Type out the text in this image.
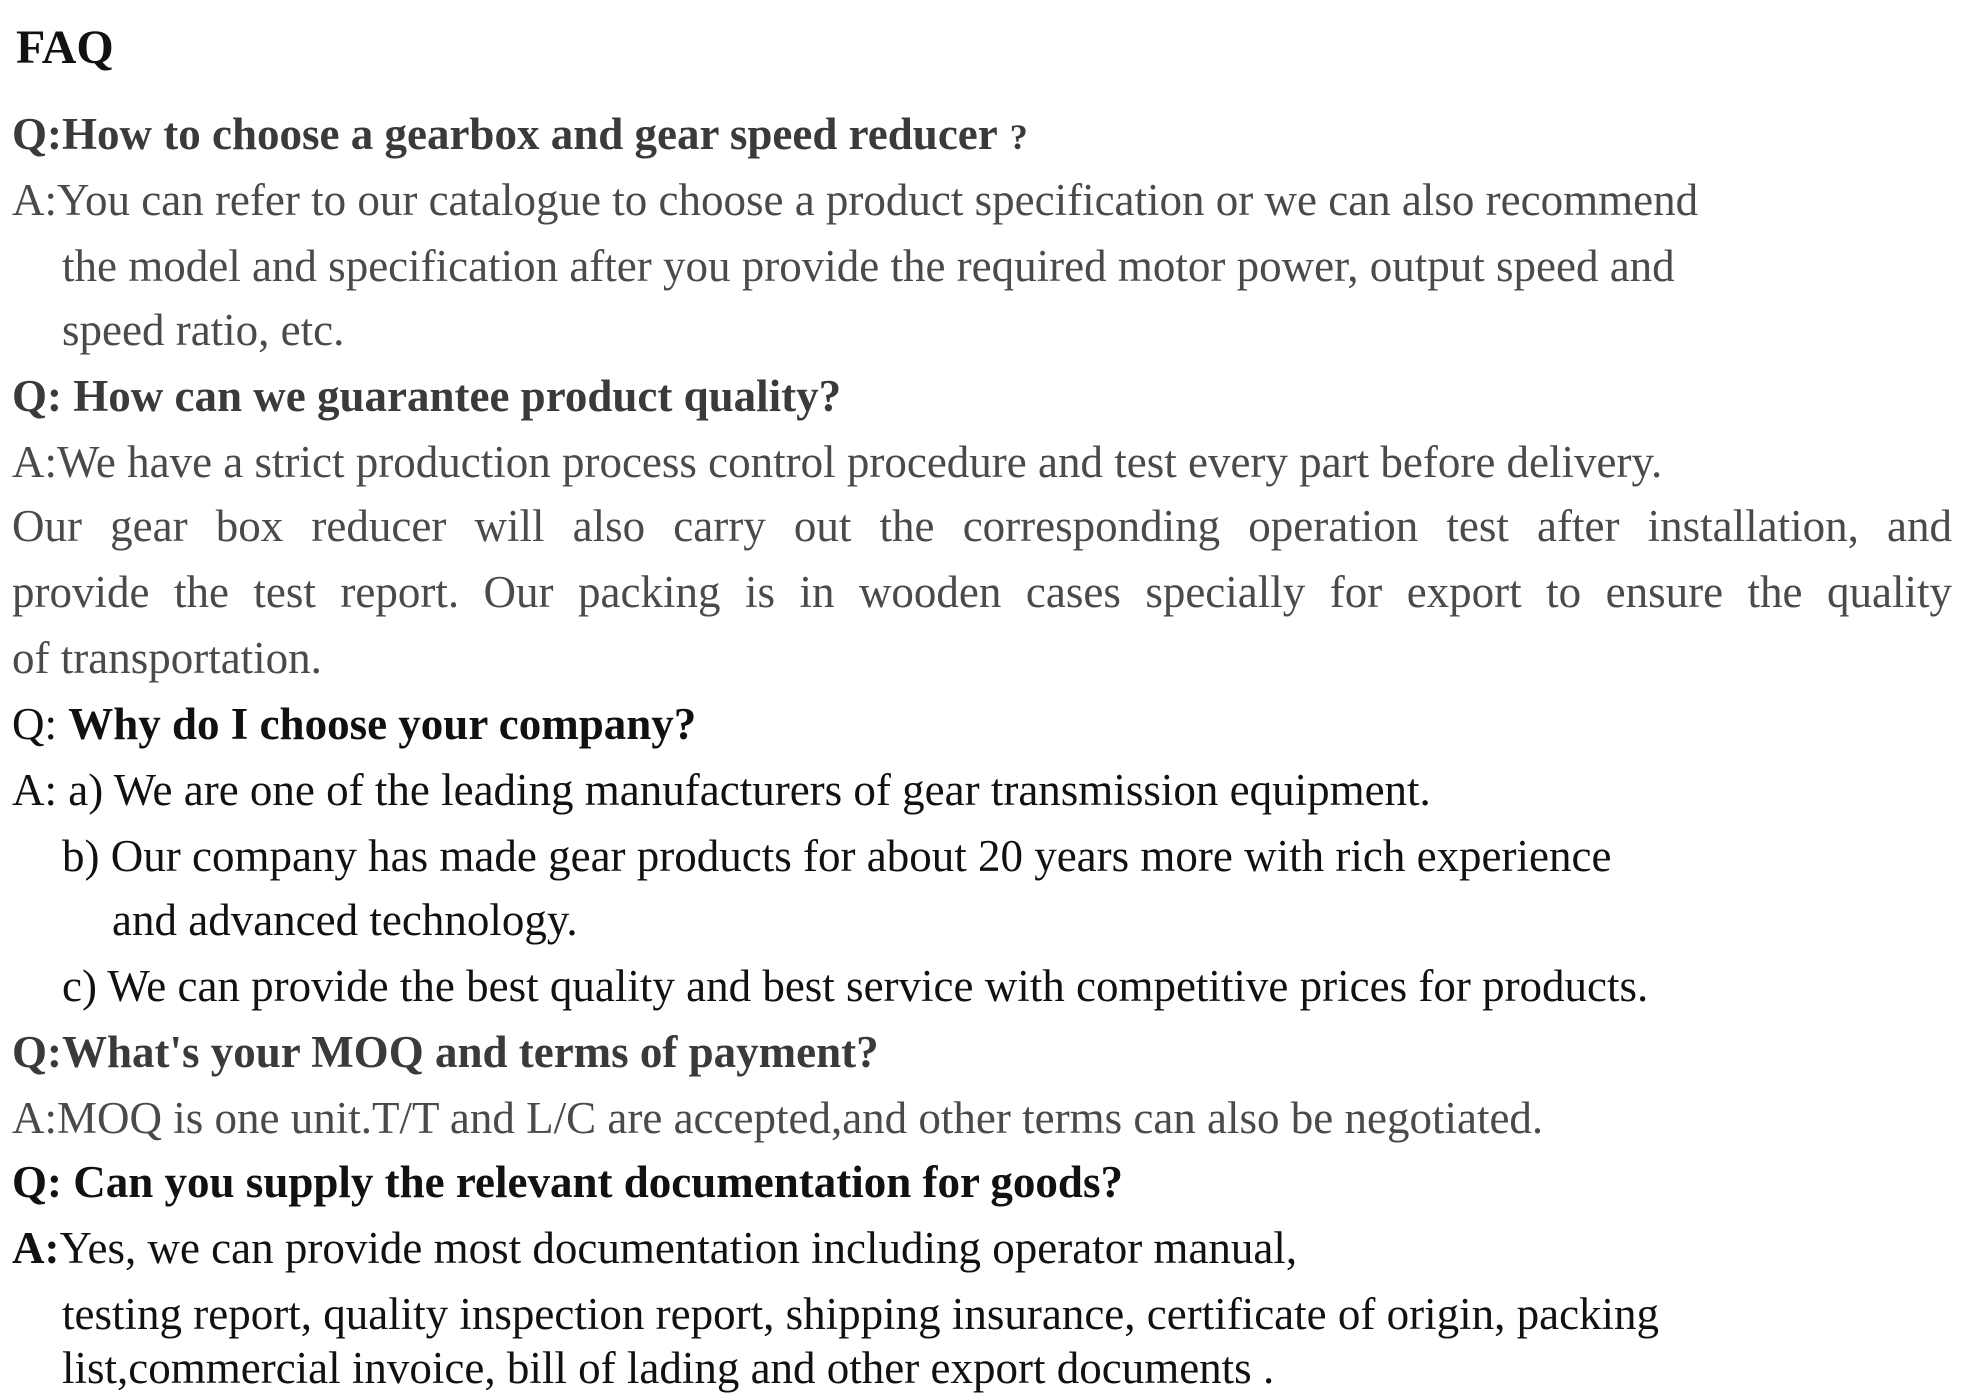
FAQ
Q:How to choose a gearbox and gear speed reducer ?
A:You can refer to our catalogue to choose a product specification or we can also recommend
the model and specification after you provide the required motor power, output speed and
speed ratio, etc.
Q: How can we guarantee product quality?
A:We have a strict production process control procedure and test every part before delivery.
Our gear box reducer will also carry out the corresponding operation test after installation, and
provide the test report. Our packing is in wooden cases specially for export to ensure the quality
of transportation.
Q: Why do I choose your company?
A: a) We are one of the leading manufacturers of gear transmission equipment.
b) Our company has made gear products for about 20 years more with rich experience
and advanced technology.
c) We can provide the best quality and best service with competitive prices for products.
Q:What's your MOQ and terms of payment?
A:MOQ is one unit.T/T and L/C are accepted,and other terms can also be negotiated.
Q: Can you supply the relevant documentation for goods?
A:Yes, we can provide most documentation including operator manual,
testing report, quality inspection report, shipping insurance, certificate of origin, packing
list,commercial invoice, bill of lading and other export documents .
